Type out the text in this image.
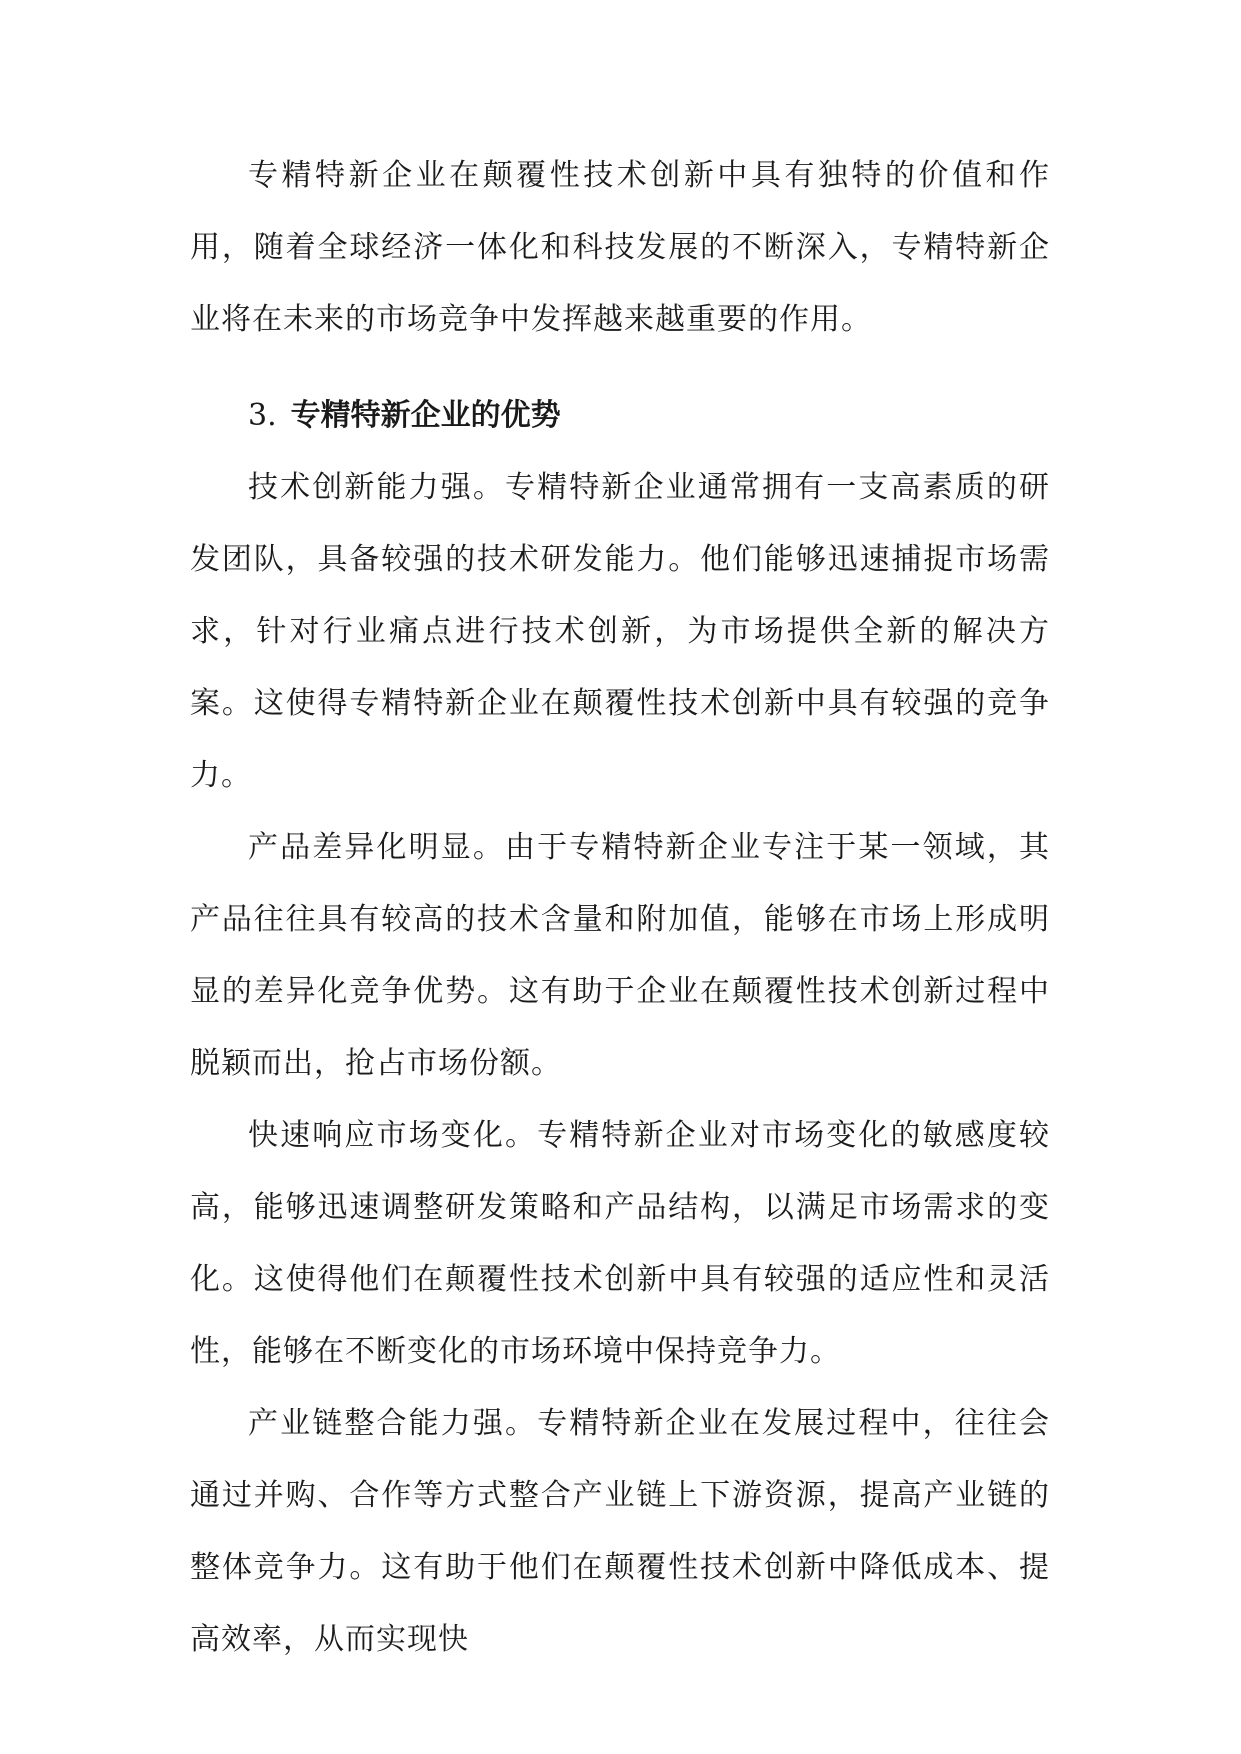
专精特新企业在颠覆性技术创新中具有独特的价值和作用，随着全球经济一体化和科技发展的不断深入，专精特新企业将在未来的市场竞争中发挥越来越重要的作用。

3. 专精特新企业的优势

技术创新能力强。专精特新企业通常拥有一支高素质的研发团队，具备较强的技术研发能力。他们能够迅速捕捉市场需求，针对行业痛点进行技术创新，为市场提供全新的解决方案。这使得专精特新企业在颠覆性技术创新中具有较强的竞争力。

产品差异化明显。由于专精特新企业专注于某一领域，其产品往往具有较高的技术含量和附加值，能够在市场上形成明显的差异化竞争优势。这有助于企业在颠覆性技术创新过程中脱颖而出，抢占市场份额。

快速响应市场变化。专精特新企业对市场变化的敏感度较高，能够迅速调整研发策略和产品结构，以满足市场需求的变化。这使得他们在颠覆性技术创新中具有较强的适应性和灵活性，能够在不断变化的市场环境中保持竞争力。

产业链整合能力强。专精特新企业在发展过程中，往往会通过并购、合作等方式整合产业链上下游资源，提高产业链的整体竞争力。这有助于他们在颠覆性技术创新中降低成本、提高效率，从而实现快
